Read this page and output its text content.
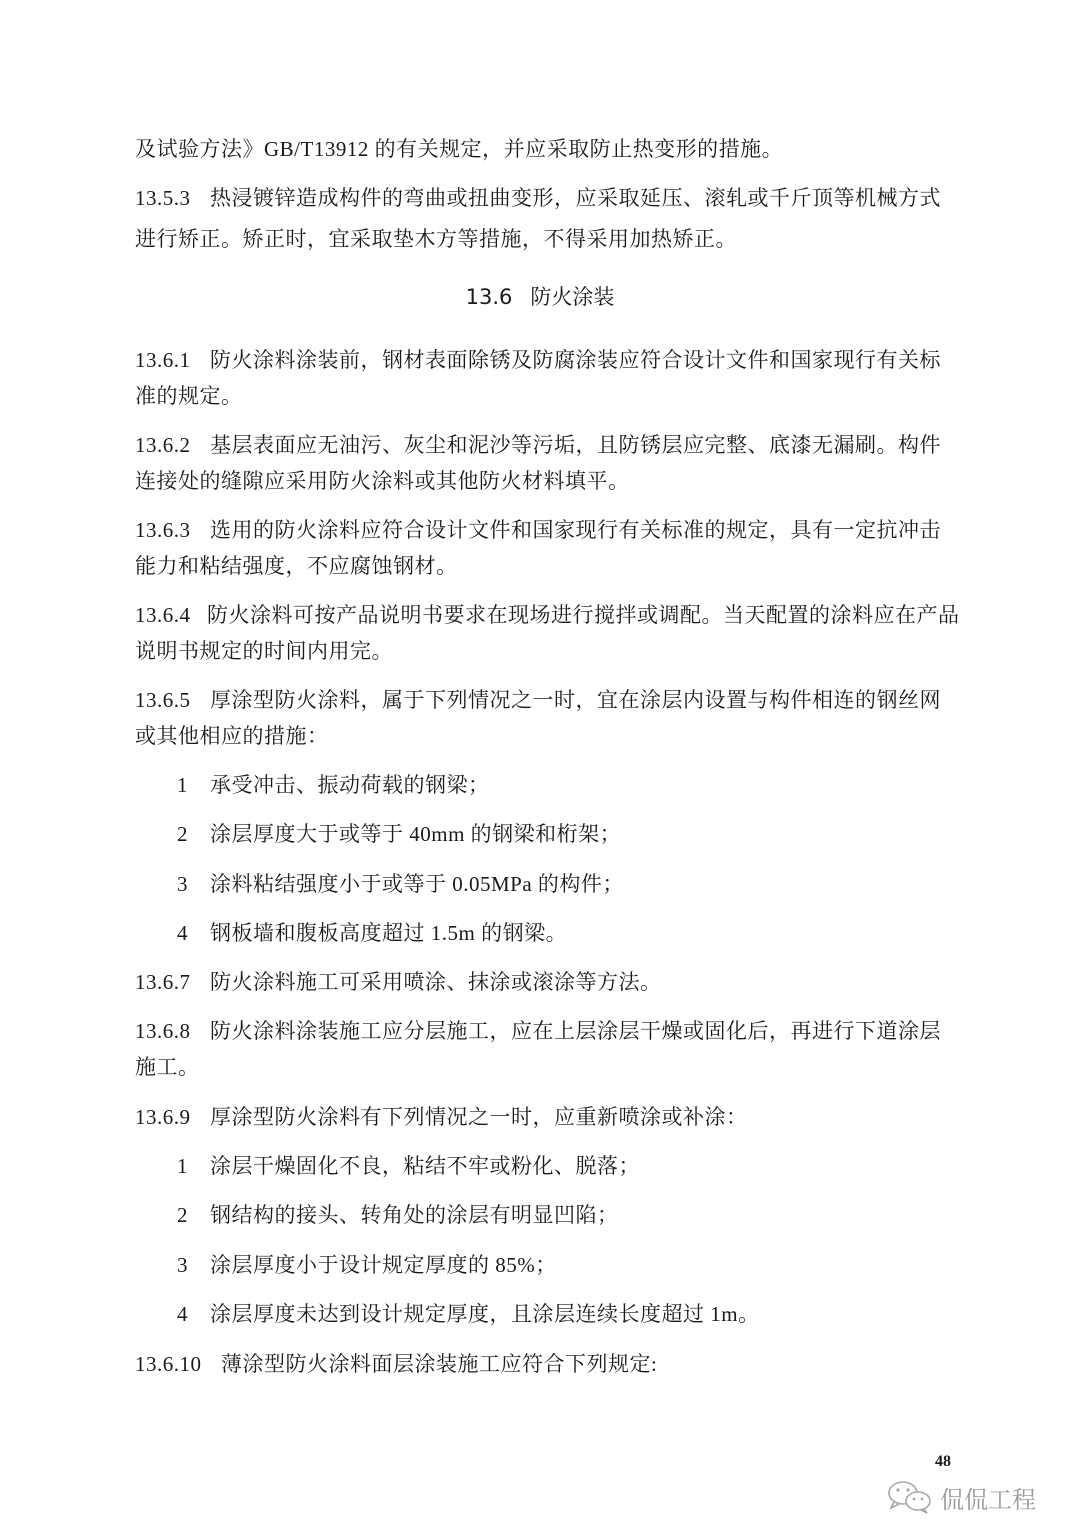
及试验方法》GB/T13912 的有关规定，并应采取防止热变形的措施。
13.5.3 热浸镀锌造成构件的弯曲或扭曲变形，应采取延压、滚轧或千斤顶等机械方式
进行矫正。矫正时，宜采取垫木方等措施，不得采用加热矫正。
13.6 防火涂装
13.6.1 防火涂料涂装前，钢材表面除锈及防腐涂装应符合设计文件和国家现行有关标
准的规定。
13.6.2 基层表面应无油污、灰尘和泥沙等污垢，且防锈层应完整、底漆无漏刷。构件
连接处的缝隙应采用防火涂料或其他防火材料填平。
13.6.3 选用的防火涂料应符合设计文件和国家现行有关标准的规定，具有一定抗冲击
能力和粘结强度，不应腐蚀钢材。
13.6.4 防火涂料可按产品说明书要求在现场进行搅拌或调配。当天配置的涂料应在产品
说明书规定的时间内用完。
13.6.5 厚涂型防火涂料，属于下列情况之一时，宜在涂层内设置与构件相连的钢丝网
或其他相应的措施：
1 承受冲击、振动荷载的钢梁；
2 涂层厚度大于或等于 40mm 的钢梁和桁架；
3 涂料粘结强度小于或等于 0.05MPa 的构件；
4 钢板墙和腹板高度超过 1.5m 的钢梁。
13.6.7 防火涂料施工可采用喷涂、抹涂或滚涂等方法。
13.6.8 防火涂料涂装施工应分层施工，应在上层涂层干燥或固化后，再进行下道涂层
施工。
13.6.9 厚涂型防火涂料有下列情况之一时，应重新喷涂或补涂：
1 涂层干燥固化不良，粘结不牢或粉化、脱落；
2 钢结构的接头、转角处的涂层有明显凹陷；
3 涂层厚度小于设计规定厚度的 85%；
4 涂层厚度未达到设计规定厚度，且涂层连续长度超过 1m。
13.6.10 薄涂型防火涂料面层涂装施工应符合下列规定:
48
侃侃工程
